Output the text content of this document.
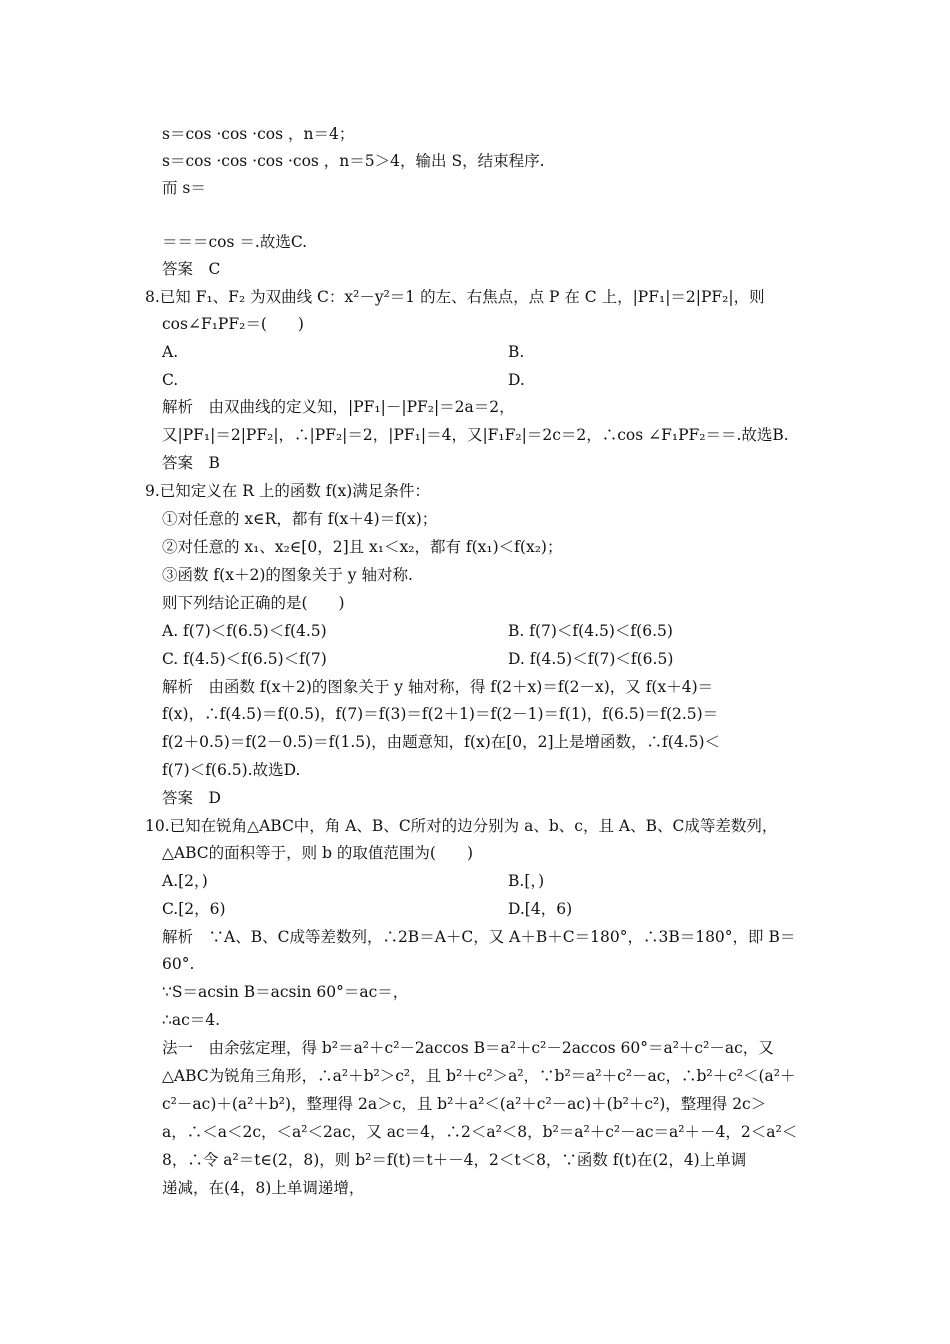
s＝cos ·cos ·cos ，n＝4；
s＝cos ·cos ·cos ·cos ，n＝5＞4，输出 S，结束程序.
而 s＝
＝＝＝cos ＝.故选C.
答案　C
8.已知 F₁、F₂ 为双曲线 C：x²－y²＝1 的左、右焦点，点 P 在 C 上，|PF₁|＝2|PF₂|，则
cos∠F₁PF₂＝(　　)
A.	B.
C.	D.
解析　由双曲线的定义知，|PF₁|－|PF₂|＝2a＝2，
又|PF₁|＝2|PF₂|，∴|PF₂|＝2，|PF₁|＝4，又|F₁F₂|＝2c＝2，∴cos ∠F₁PF₂＝＝.故选B.
答案　B
9.已知定义在 R 上的函数 f(x)满足条件：
①对任意的 x∈R，都有 f(x＋4)＝f(x)；
②对任意的 x₁、x₂∈[0，2]且 x₁＜x₂，都有 f(x₁)＜f(x₂)；
③函数 f(x＋2)的图象关于 y 轴对称.
则下列结论正确的是(　　)
A. f(7)＜f(6.5)＜f(4.5)	B. f(7)＜f(4.5)＜f(6.5)
C. f(4.5)＜f(6.5)＜f(7)	D. f(4.5)＜f(7)＜f(6.5)
解析　由函数 f(x＋2)的图象关于 y 轴对称，得 f(2＋x)＝f(2－x)，又 f(x＋4)＝
f(x)，∴f(4.5)＝f(0.5)，f(7)＝f(3)＝f(2＋1)＝f(2－1)＝f(1)，f(6.5)＝f(2.5)＝
f(2＋0.5)＝f(2－0.5)＝f(1.5)，由题意知，f(x)在[0，2]上是增函数，∴f(4.5)＜
f(7)＜f(6.5).故选D.
答案　D
10.已知在锐角△ABC中，角 A、B、C所对的边分别为 a、b、c，且 A、B、C成等差数列，
△ABC的面积等于，则 b 的取值范围为(　　)
A.[2，)	B.[，)
C.[2，6)	D.[4，6)
解析　∵A、B、C成等差数列，∴2B＝A＋C，又 A＋B＋C＝180°，∴3B＝180°，即 B＝
60°.
∵S＝acsin B＝acsin 60°＝ac＝，
∴ac＝4.
法一　由余弦定理，得 b²＝a²＋c²－2accos B＝a²＋c²－2accos 60°＝a²＋c²－ac，又
△ABC为锐角三角形，∴a²＋b²＞c²，且 b²＋c²＞a²，∵b²＝a²＋c²－ac，∴b²＋c²＜(a²＋
c²－ac)＋(a²＋b²)，整理得 2a＞c，且 b²＋a²＜(a²＋c²－ac)＋(b²＋c²)，整理得 2c＞
a，∴＜a＜2c，＜a²＜2ac，又 ac＝4，∴2＜a²＜8，b²＝a²＋c²－ac＝a²＋－4，2＜a²＜
8，∴令 a²＝t∈(2，8)，则 b²＝f(t)＝t＋－4，2＜t＜8，∵函数 f(t)在(2，4)上单调
递减，在(4，8)上单调递增，
